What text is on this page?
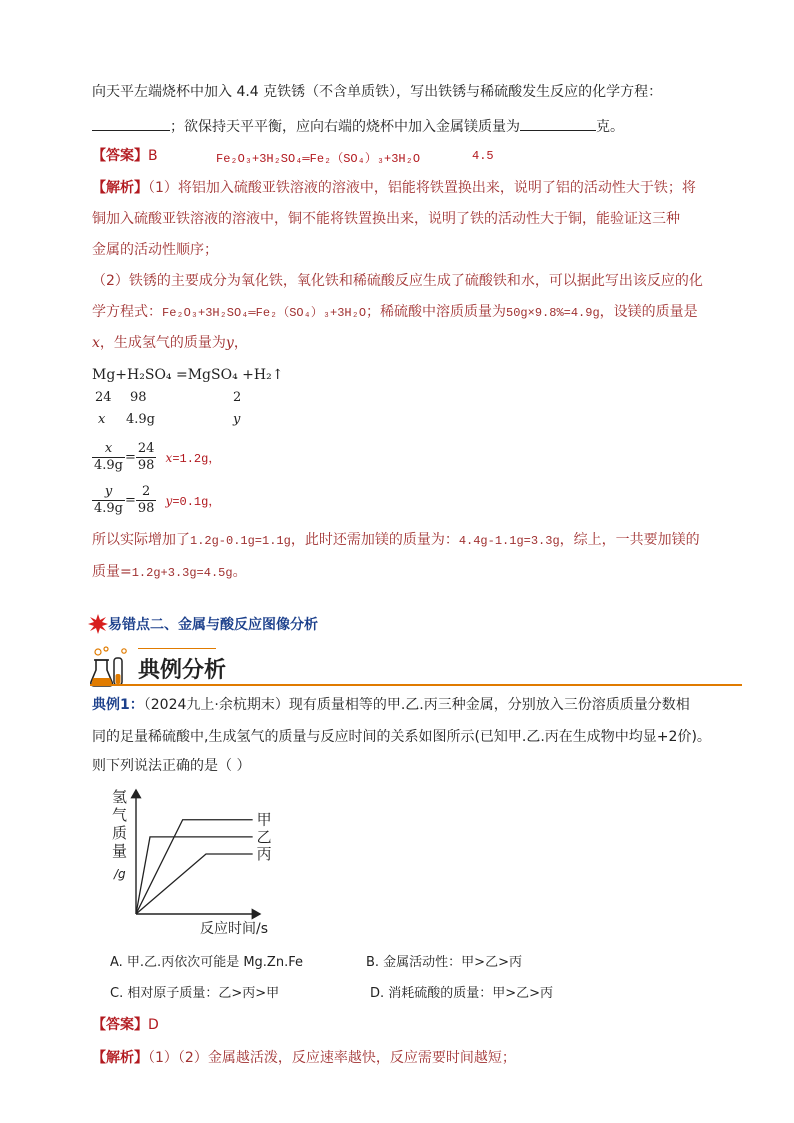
向天平左端烧杯中加入 4.4 克铁锈（不含单质铁），写出铁锈与稀硫酸发生反应的化学方程：
；欲保持天平平衡，应向右端的烧杯中加入金属镁质量为	克。
【答案】B	Fe₂O₃+3H₂SO₄═Fe₂（SO₄）₃+3H₂O	4.5
【解析】（1）将铝加入硫酸亚铁溶液的溶液中，铝能将铁置换出来，说明了铝的活动性大于铁；将
铜加入硫酸亚铁溶液的溶液中，铜不能将铁置换出来，说明了铁的活动性大于铜，能验证这三种
金属的活动性顺序；
（2）铁锈的主要成分为氧化铁，氧化铁和稀硫酸反应生成了硫酸铁和水，可以据此写出该反应的化
学方程式：Fe₂O₃+3H₂SO₄═Fe₂（SO₄）₃+3H₂O；稀硫酸中溶质质量为50g×9.8%=4.9g，设镁的质量是
x，生成氢气的质量为y，
Mg+H₂SO₄ =MgSO₄ +H₂↑
24 98	2
x 4.9g	y
$\frac{x}{4.9g} = \frac{24}{98} x=1.2g$，
$\frac{y}{4.9g} = \frac{2}{98} y=0.1g$，
所以实际增加了1.2g-0.1g=1.1g，此时还需加镁的质量为：4.4g-1.1g=3.3g，综上，一共要加镁的
质量=1.2g+3.3g=4.5g。
易错点二、金属与酸反应图像分析
典例分析
典例1：（2024九上·余杭期末）现有质量相等的甲.乙.丙三种金属，分别放入三份溶质质量分数相
同的足量稀硫酸中,生成氢气的质量与反应时间的关系如图所示(已知甲.乙.丙在生成物中均显+2价)。
则下列说法正确的是（ ）
氢
气
质
量
/g
甲
乙
丙
反应时间/s
A. 甲.乙.丙依次可能是 Mg.Zn.Fe	B. 金属活动性：甲>乙>丙
C. 相对原子质量：乙>丙>甲	D. 消耗硫酸的质量：甲>乙>丙
【答案】D
【解析】（1）（2）金属越活泼，反应速率越快，反应需要时间越短；
